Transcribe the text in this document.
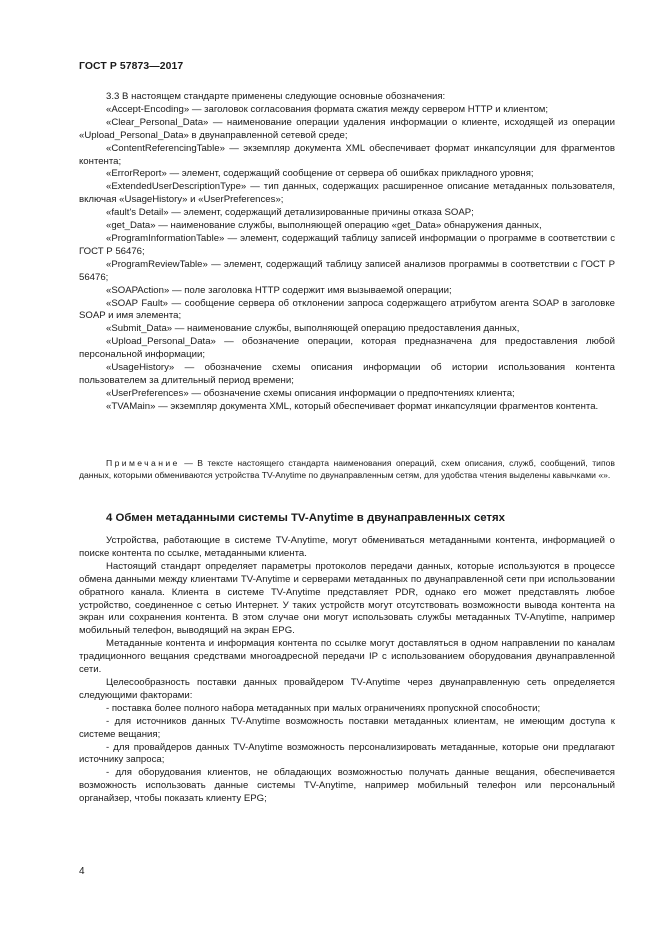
ГОСТ Р 57873—2017

3.3 В настоящем стандарте применены следующие основные обозначения:

«Accept-Encoding» — заголовок согласования формата сжатия между сервером HTTP и клиентом;

«Clear_Personal_Data» — наименование операции удаления информации о клиенте, исходящей из операции «Upload_Personal_Data» в двунаправленной сетевой среде;

«ContentReferencingTable» — экземпляр документа XML обеспечивает формат инкапсуляции для фрагментов контента;

«ErrorReport» — элемент, содержащий сообщение от сервера об ошибках прикладного уровня;

«ExtendedUserDescriptionType» — тип данных, содержащих расширенное описание метаданных пользователя, включая «UsageHistory» и «UserPreferences»;

«fault's Detail» — элемент, содержащий детализированные причины отказа SOAP;

«get_Data» — наименование службы, выполняющей операцию «get_Data» обнаружения данных,

«ProgramInformationTable» — элемент, содержащий таблицу записей информации о программе в соответствии с ГОСТ Р 56476;

«ProgramReviewTable» — элемент, содержащий таблицу записей анализов программы в соответствии с ГОСТ Р 56476;

«SOAPAction» — поле заголовка HTTP содержит имя вызываемой операции;

«SOAP Fault» — сообщение сервера об отклонении запроса содержащего атрибутом агента SOAP в заголовке SOAP и имя элемента;

«Submit_Data» — наименование службы, выполняющей операцию предоставления данных,

«Upload_Personal_Data» — обозначение операции, которая предназначена для предоставления любой персональной информации;

«UsageHistory» — обозначение схемы описания информации об истории использования контента пользователем за длительный период времени;

«UserPreferences» — обозначение схемы описания информации о предпочтениях клиента;

«TVAMain» — экземпляр документа XML, который обеспечивает формат инкапсуляции фрагментов контента.

Примечание — В тексте настоящего стандарта наименования операций, схем описания, служб, сообщений, типов данных, которыми обмениваются устройства TV-Anytime по двунаправленным сетям, для удобства чтения выделены кавычками «».

4 Обмен метаданными системы TV-Anytime в двунаправленных сетях

Устройства, работающие в системе TV-Anytime, могут обмениваться метаданными контента, информацией о поиске контента по ссылке, метаданными клиента.

Настоящий стандарт определяет параметры протоколов передачи данных, которые используются в процессе обмена данными между клиентами TV-Anytime и серверами метаданных по двунаправленной сети при использовании обратного канала. Клиента в системе TV-Anytime представляет PDR, однако его может представлять любое устройство, соединенное с сетью Интернет. У таких устройств могут отсутствовать возможности вывода контента на экран или сохранения контента. В этом случае они могут использовать службы метаданных TV-Anytime, например мобильный телефон, выводящий на экран EPG.

Метаданные контента и информация контента по ссылке могут доставляться в одном направлении по каналам традиционного вещания средствами многоадресной передачи IP с использованием оборудования двунаправленной сети.

Целесообразность поставки данных провайдером TV-Anytime через двунаправленную сеть определяется следующими факторами:

- поставка более полного набора метаданных при малых ограничениях пропускной способности;

- для источников данных TV-Anytime возможность поставки метаданных клиентам, не имеющим доступа к системе вещания;

- для провайдеров данных TV-Anytime возможность персонализировать метаданные, которые они предлагают источнику запроса;

- для оборудования клиентов, не обладающих возможностью получать данные вещания, обеспечивается возможность использовать данные системы TV-Anytime, например мобильный телефон или персональный органайзер, чтобы показать клиенту EPG;

4
